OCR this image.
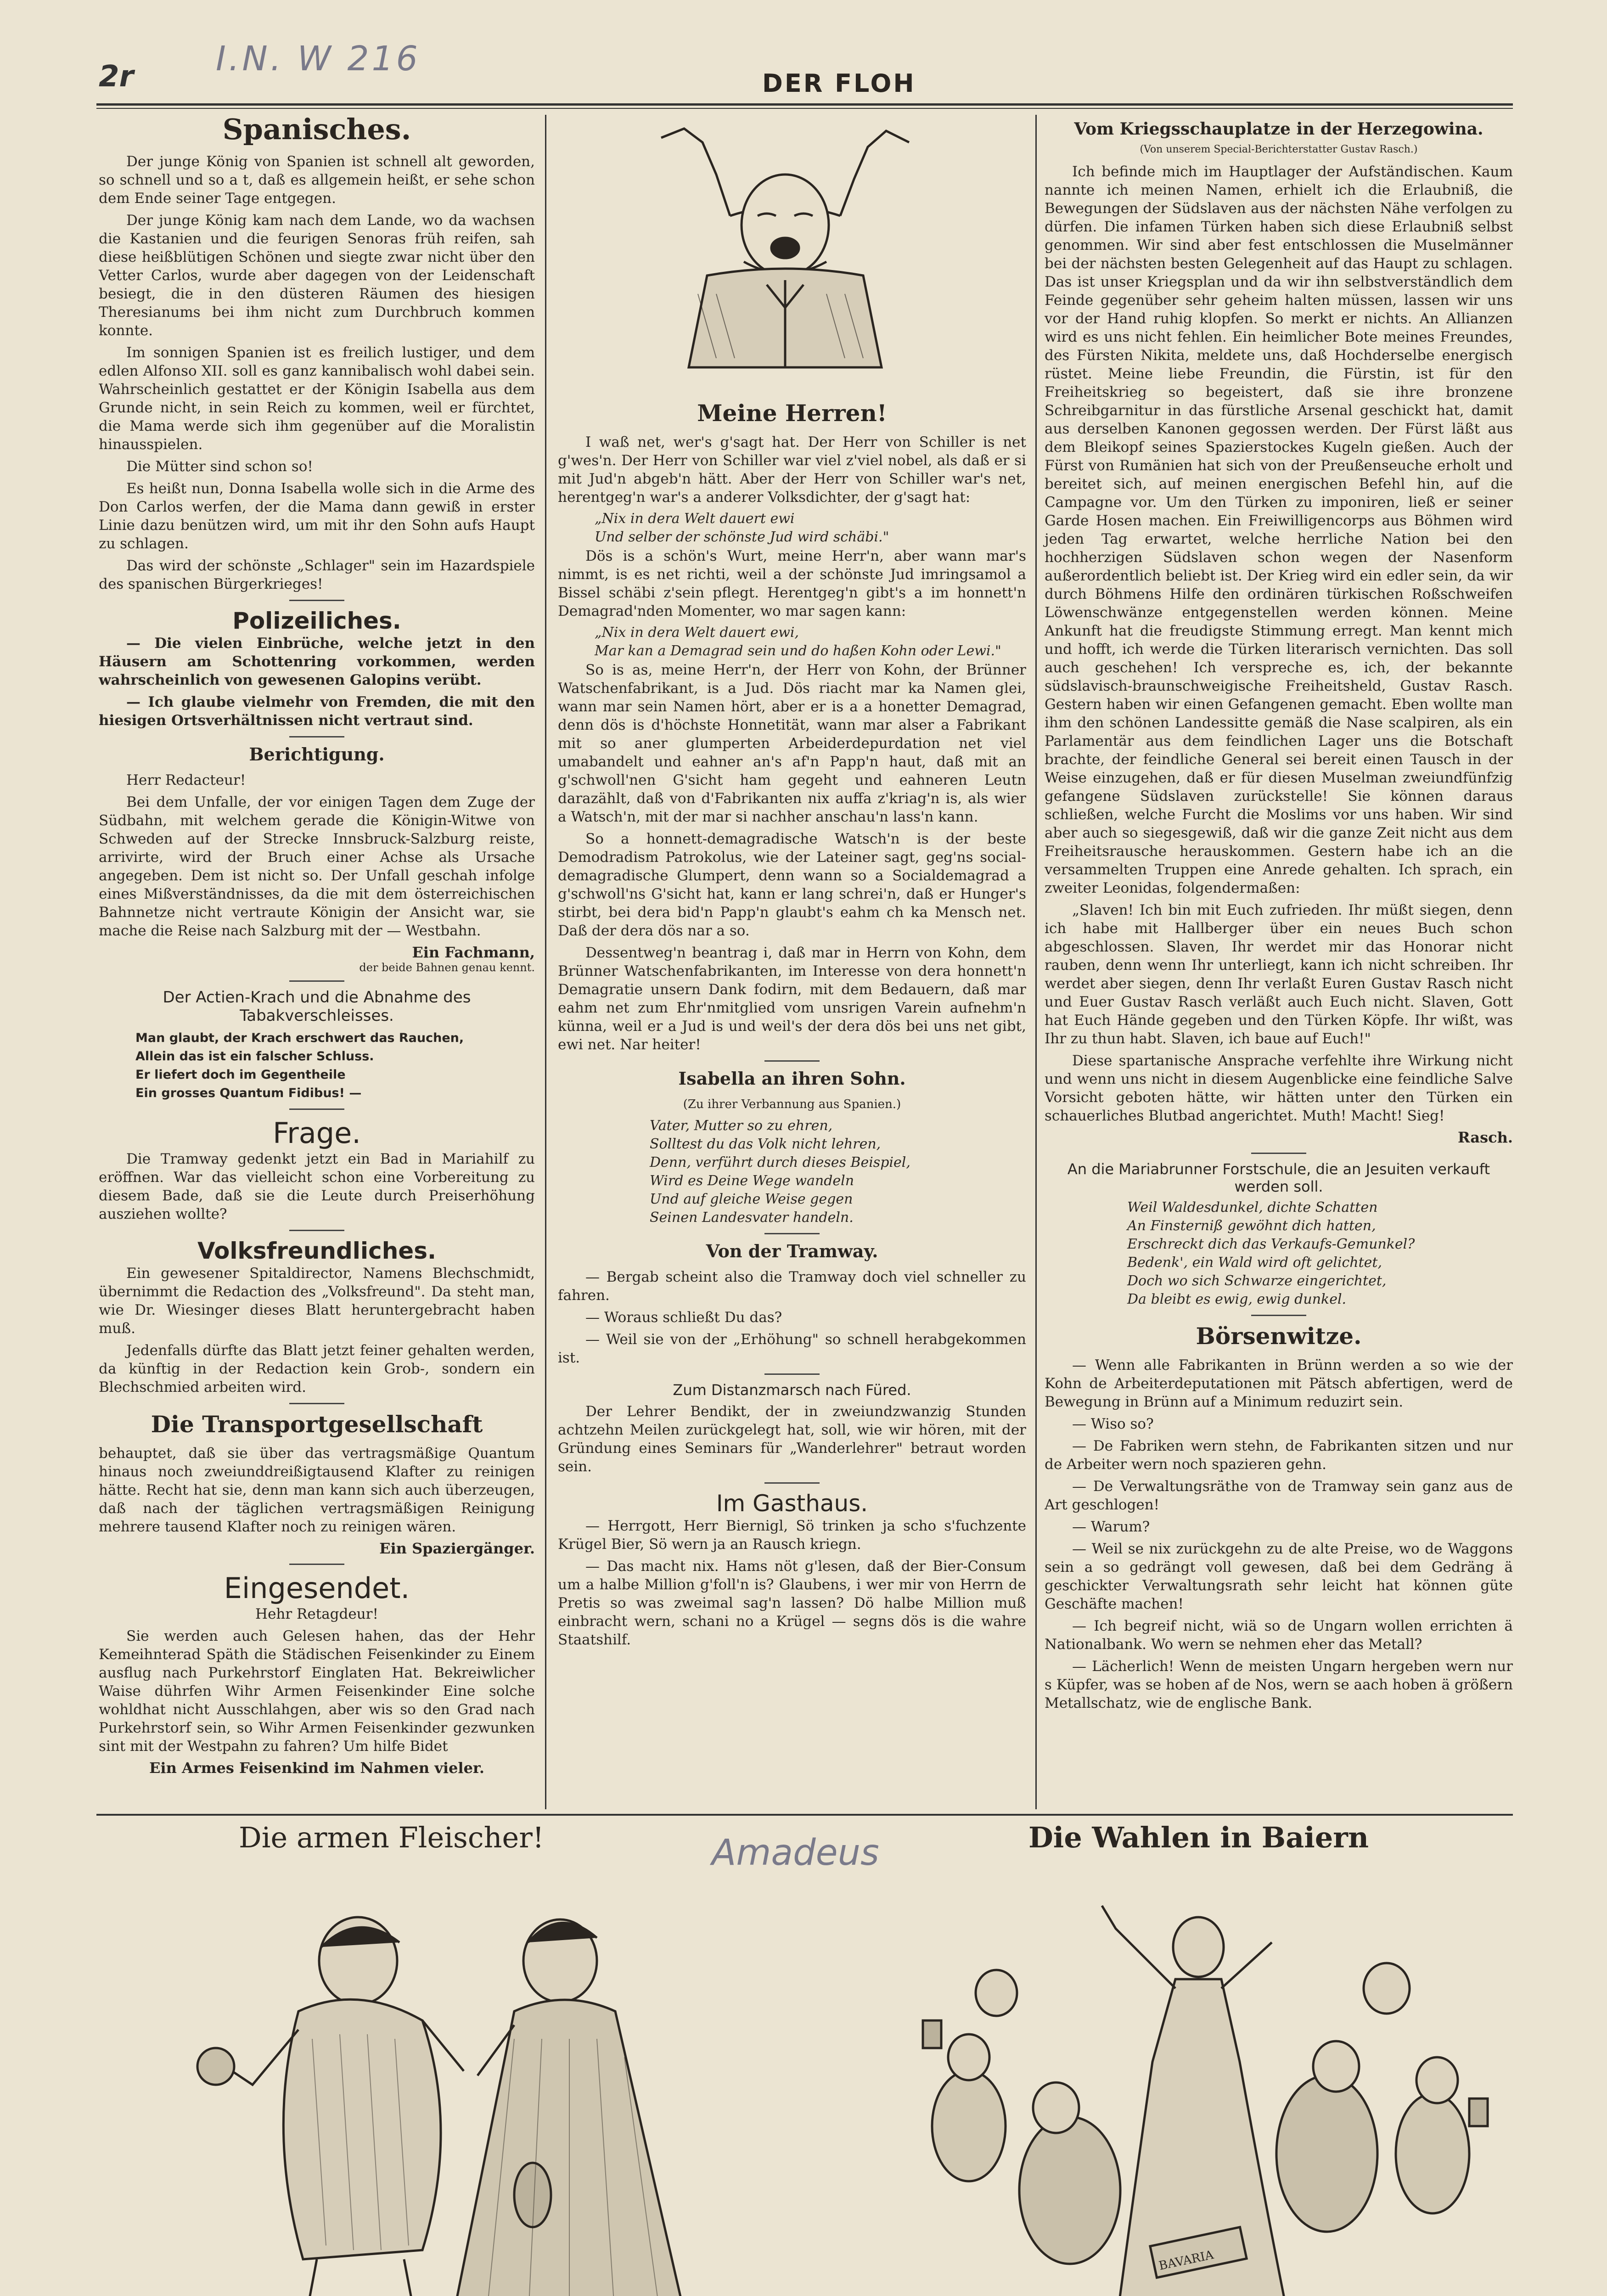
I.N. W 216
2r	DER FLOH
Spanisches.

Der junge König von Spanien ist schnell alt geworden, so schnell und so a t, daß es allgemein heißt, er sehe schon dem Ende seiner Tage entgegen.

Der junge König kam nach dem Lande, wo da wachsen die Kastanien und die feurigen Senoras früh reifen, sah diese heißblütigen Schönen und siegte zwar nicht über den Vetter Carlos, wurde aber dagegen von der Leidenschaft besiegt, die in den düsteren Räumen des hiesigen Theresianums bei ihm nicht zum Durchbruch kommen konnte.

Im sonnigen Spanien ist es freilich lustiger, und dem edlen Alfonso XII. soll es ganz kannibalisch wohl dabei sein. Wahrscheinlich gestattet er der Königin Isabella aus dem Grunde nicht, in sein Reich zu kommen, weil er fürchtet, die Mama werde sich ihm gegenüber auf die Moralistin hinausspielen.

Die Mütter sind schon so!

Es heißt nun, Donna Isabella wolle sich in die Arme des Don Carlos werfen, der die Mama dann gewiß in erster Linie dazu benützen wird, um mit ihr den Sohn aufs Haupt zu schlagen.

Das wird der schönste „Schlager" sein im Hazardspiele des spanischen Bürgerkrieges!

Polizeiliches.

— Die vielen Einbrüche, welche jetzt in den Häusern am Schottenring vorkommen, werden wahrscheinlich von gewesenen Galopins verübt.

— Ich glaube vielmehr von Fremden, die mit den hiesigen Ortsverhältnissen nicht vertraut sind.

Berichtigung.

Herr Redacteur!

Bei dem Unfalle, der vor einigen Tagen dem Zuge der Südbahn, mit welchem gerade die Königin-Witwe von Schweden auf der Strecke Innsbruck-Salzburg reiste, arrivirte, wird der Bruch einer Achse als Ursache angegeben. Dem ist nicht so. Der Unfall geschah infolge eines Mißverständnisses, da die mit dem österreichischen Bahnnetze nicht vertraute Königin der Ansicht war, sie mache die Reise nach Salzburg mit der — Westbahn.

Ein Fachmann,
der beide Bahnen genau kennt.
Der Actien-Krach und die Abnahme des Tabakverschleisses.

Man glaubt, der Krach erschwert das Rauchen,

Allein das ist ein falscher Schluss.

Er liefert doch im Gegentheile

Ein grosses Quantum Fidibus! —

Frage.

Die Tramway gedenkt jetzt ein Bad in Mariahilf zu eröffnen. War das vielleicht schon eine Vorbereitung zu diesem Bade, daß sie die Leute durch Preiserhöhung ausziehen wollte?

Volksfreundliches.

Ein gewesener Spitaldirector, Namens Blechschmidt, übernimmt die Redaction des „Volksfreund". Da steht man, wie Dr. Wiesinger dieses Blatt heruntergebracht haben muß.

Jedenfalls dürfte das Blatt jetzt feiner gehalten werden, da künftig in der Redaction kein Grob-, sondern ein Blechschmied arbeiten wird.

Die Transportgesellschaft

behauptet, daß sie über das vertragsmäßige Quantum hinaus noch zweiunddreißigtausend Klafter zu reinigen hätte. Recht hat sie, denn man kann sich auch überzeugen, daß nach der täglichen vertragsmäßigen Reinigung mehrere tausend Klafter noch zu reinigen wären.

Ein Spaziergänger.
Eingesendet.

Hehr Retagdeur!

Sie werden auch Gelesen hahen, das der Hehr Kemeihnterad Späth die Städischen Feisenkinder zu Einem ausflug nach Purkehrstorf Einglaten Hat. Bekreiwlicher Waise dührfen Wihr Armen Feisenkinder Eine solche wohldhat nicht Ausschlahgen, aber wis so den Grad nach Purkehrstorf sein, so Wihr Armen Feisenkinder gezwunken sint mit der Westpahn zu fahren? Um hilfe Bidet

Ein Armes Feisenkind im Nahmen vieler.
Meine Herren!

I waß net, wer's g'sagt hat. Der Herr von Schiller is net g'wes'n. Der Herr von Schiller war viel z'viel nobel, als daß er si mit Jud'n abgeb'n hätt. Aber der Herr von Schiller war's net, herentgeg'n war's a anderer Volksdichter, der g'sagt hat:

„Nix in dera Welt dauert ewi

Und selber der schönste Jud wird schäbi."

Dös is a schön's Wurt, meine Herr'n, aber wann mar's nimmt, is es net richti, weil a der schönste Jud imringsamol a Bissel schäbi z'sein pflegt. Herentgeg'n gibt's a im honnett'n Demagrad'nden Momenter, wo mar sagen kann:

„Nix in dera Welt dauert ewi,

Mar kan a Demagrad sein und do haßen Kohn oder Lewi."

So is as, meine Herr'n, der Herr von Kohn, der Brünner Watschenfabrikant, is a Jud. Dös riacht mar ka Namen glei, wann mar sein Namen hört, aber er is a a honetter Demagrad, denn dös is d'höchste Honnetität, wann mar alser a Fabrikant mit so aner glumperten Arbeiderdepurdation net viel umabandelt und eahner an's af'n Papp'n haut, daß mit an g'schwoll'nen G'sicht ham gegeht und eahneren Leutn darazählt, daß von d'Fabrikanten nix auffa z'kriag'n is, als wier a Watsch'n, mit der mar si nachher anschau'n lass'n kann.

So a honnett-demagradische Watsch'n is der beste Demodradism Patrokolus, wie der Lateiner sagt, geg'ns social-demagradische Glumpert, denn wann so a Socialdemagrad a g'schwoll'ns G'sicht hat, kann er lang schrei'n, daß er Hunger's stirbt, bei dera bid'n Papp'n glaubt's eahm ch ka Mensch net. Daß der dera dös nar a so.

Dessentweg'n beantrag i, daß mar in Herrn von Kohn, dem Brünner Watschenfabrikanten, im Interesse von dera honnett'n Demagratie unsern Dank fodirn, mit dem Bedauern, daß mar eahm net zum Ehr'nmitglied vom unsrigen Varein aufnehm'n künna, weil er a Jud is und weil's der dera dös bei uns net gibt, ewi net. Nar heiter!

Isabella an ihren Sohn.

(Zu ihrer Verbannung aus Spanien.)

Vater, Mutter so zu ehren,

Solltest du das Volk nicht lehren,

Denn, verführt durch dieses Beispiel,

Wird es Deine Wege wandeln

Und auf gleiche Weise gegen

Seinen Landesvater handeln.

Von der Tramway.

— Bergab scheint also die Tramway doch viel schneller zu fahren.

— Woraus schließt Du das?

— Weil sie von der „Erhöhung" so schnell herabgekommen ist.

Zum Distanzmarsch nach Füred.

Der Lehrer Bendikt, der in zweiundzwanzig Stunden achtzehn Meilen zurückgelegt hat, soll, wie wir hören, mit der Gründung eines Seminars für „Wanderlehrer" betraut worden sein.

Im Gasthaus.

— Herrgott, Herr Biernigl, Sö trinken ja scho s'fuchzente Krügel Bier, Sö wern ja an Rausch kriegn.

— Das macht nix. Hams nöt g'lesen, daß der Bier-Consum um a halbe Million g'foll'n is? Glaubens, i wer mir von Herrn de Pretis so was zweimal sag'n lassen? Dö halbe Million muß einbracht wern, schani no a Krügel — segns dös is die wahre Staatshilf.

Vom Kriegsschauplatze in der Herzegowina.

(Von unserem Special-Berichterstatter Gustav Rasch.)

Ich befinde mich im Hauptlager der Aufständischen. Kaum nannte ich meinen Namen, erhielt ich die Erlaubniß, die Bewegungen der Südslaven aus der nächsten Nähe verfolgen zu dürfen. Die infamen Türken haben sich diese Erlaubniß selbst genommen. Wir sind aber fest entschlossen die Muselmänner bei der nächsten besten Gelegenheit auf das Haupt zu schlagen. Das ist unser Kriegsplan und da wir ihn selbstverständlich dem Feinde gegenüber sehr geheim halten müssen, lassen wir uns vor der Hand ruhig klopfen. So merkt er nichts. An Allianzen wird es uns nicht fehlen. Ein heimlicher Bote meines Freundes, des Fürsten Nikita, meldete uns, daß Hochderselbe energisch rüstet. Meine liebe Freundin, die Fürstin, ist für den Freiheitskrieg so begeistert, daß sie ihre bronzene Schreibgarnitur in das fürstliche Arsenal geschickt hat, damit aus derselben Kanonen gegossen werden. Der Fürst läßt aus dem Bleikopf seines Spazierstockes Kugeln gießen. Auch der Fürst von Rumänien hat sich von der Preußenseuche erholt und bereitet sich, auf meinen energischen Befehl hin, auf die Campagne vor. Um den Türken zu imponiren, ließ er seiner Garde Hosen machen. Ein Freiwilligencorps aus Böhmen wird jeden Tag erwartet, welche herrliche Nation bei den hochherzigen Südslaven schon wegen der Nasenform außerordentlich beliebt ist. Der Krieg wird ein edler sein, da wir durch Böhmens Hilfe den ordinären türkischen Roßschweifen Löwenschwänze entgegenstellen werden können. Meine Ankunft hat die freudigste Stimmung erregt. Man kennt mich und hofft, ich werde die Türken literarisch vernichten. Das soll auch geschehen! Ich verspreche es, ich, der bekannte südslavisch-braunschweigische Freiheitsheld, Gustav Rasch. Gestern haben wir einen Gefangenen gemacht. Eben wollte man ihm den schönen Landessitte gemäß die Nase scalpiren, als ein Parlamentär aus dem feindlichen Lager uns die Botschaft brachte, der feindliche General sei bereit einen Tausch in der Weise einzugehen, daß er für diesen Muselman zweiundfünfzig gefangene Südslaven zurückstelle! Sie können daraus schließen, welche Furcht die Moslims vor uns haben. Wir sind aber auch so siegesgewiß, daß wir die ganze Zeit nicht aus dem Freiheitsrausche herauskommen. Gestern habe ich an die versammelten Truppen eine Anrede gehalten. Ich sprach, ein zweiter Leonidas, folgendermaßen:

„Slaven! Ich bin mit Euch zufrieden. Ihr müßt siegen, denn ich habe mit Hallberger über ein neues Buch schon abgeschlossen. Slaven, Ihr werdet mir das Honorar nicht rauben, denn wenn Ihr unterliegt, kann ich nicht schreiben. Ihr werdet aber siegen, denn Ihr verlaßt Euren Gustav Rasch nicht und Euer Gustav Rasch verläßt auch Euch nicht. Slaven, Gott hat Euch Hände gegeben und den Türken Köpfe. Ihr wißt, was Ihr zu thun habt. Slaven, ich baue auf Euch!"

Diese spartanische Ansprache verfehlte ihre Wirkung nicht und wenn uns nicht in diesem Augenblicke eine feindliche Salve Vorsicht geboten hätte, wir hätten unter den Türken ein schauerliches Blutbad angerichtet. Muth! Macht! Sieg!

Rasch.
An die Mariabrunner Forstschule, die an Jesuiten verkauft werden soll.

Weil Waldesdunkel, dichte Schatten

An Finsterniß gewöhnt dich hatten,

Erschreckt dich das Verkaufs-Gemunkel?

Bedenk', ein Wald wird oft gelichtet,

Doch wo sich Schwarze eingerichtet,

Da bleibt es ewig, ewig dunkel.

Börsenwitze.

— Wenn alle Fabrikanten in Brünn werden a so wie der Kohn de Arbeiterdeputationen mit Pätsch abfertigen, werd de Bewegung in Brünn auf a Minimum reduzirt sein.

— Wiso so?

— De Fabriken wern stehn, de Fabrikanten sitzen und nur de Arbeiter wern noch spazieren gehn.

— De Verwaltungsräthe von de Tramway sein ganz aus de Art geschlogen!

— Warum?

— Weil se nix zurückgehn zu de alte Preise, wo de Waggons sein a so gedrängt voll gewesen, daß bei dem Gedräng ä geschickter Verwaltungsrath sehr leicht hat können güte Geschäfte machen!

— Ich begreif nicht, wiä so de Ungarn wollen errichten ä Nationalbank. Wo wern se nehmen eher das Metall?

— Lächerlich! Wenn de meisten Ungarn hergeben wern nur s Küpfer, was se hoben af de Nos, wern se aach hoben ä größern Metallschatz, wie de englische Bank.

Die armen Fleischer!	Amadeus	Die Wahlen in Baiern
BAVARIA
